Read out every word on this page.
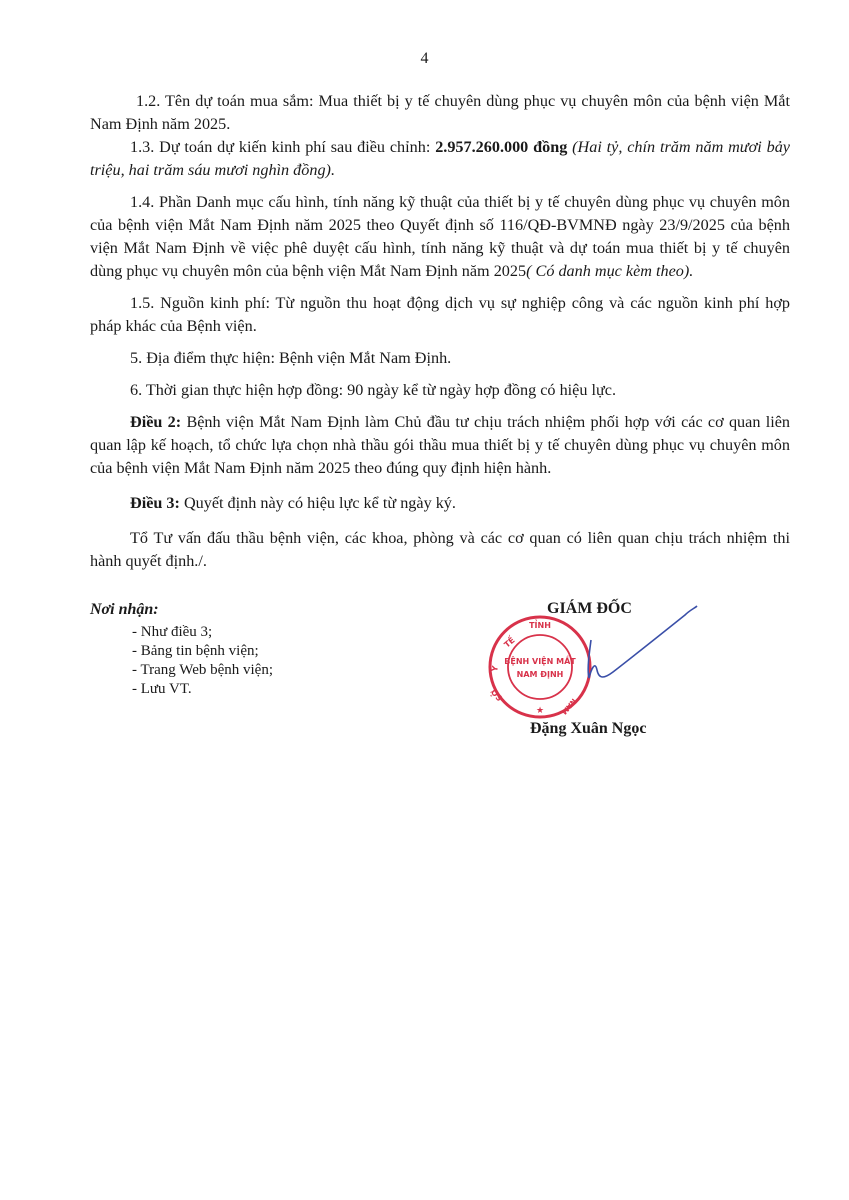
4

1.2. Tên dự toán mua sắm: Mua thiết bị y tế chuyên dùng phục vụ chuyên môn của bệnh viện Mắt Nam Định năm 2025.

1.3. Dự toán dự kiến kinh phí sau điều chỉnh: 2.957.260.000 đồng (Hai tỷ, chín trăm năm mươi bảy triệu, hai trăm sáu mươi nghìn đồng).

1.4. Phần Danh mục cấu hình, tính năng kỹ thuật của thiết bị y tế chuyên dùng phục vụ chuyên môn của bệnh viện Mắt Nam Định năm 2025 theo Quyết định số 116/QĐ-BVMNĐ ngày 23/9/2025 của bệnh viện Mắt Nam Định về việc phê duyệt cấu hình, tính năng kỹ thuật và dự toán mua thiết bị y tế chuyên dùng phục vụ chuyên môn của bệnh viện Mắt Nam Định năm 2025( Có danh mục kèm theo).

1.5. Nguồn kinh phí: Từ nguồn thu hoạt động dịch vụ sự nghiệp công và các nguồn kinh phí hợp pháp khác của Bệnh viện.

5. Địa điểm thực hiện: Bệnh viện Mắt Nam Định.

6. Thời gian thực hiện hợp đồng: 90 ngày kể từ ngày hợp đồng có hiệu lực.

Điều 2: Bệnh viện Mắt Nam Định làm Chủ đầu tư chịu trách nhiệm phối hợp với các cơ quan liên quan lập kế hoạch, tổ chức lựa chọn nhà thầu gói thầu mua thiết bị y tế chuyên dùng phục vụ chuyên môn của bệnh viện Mắt Nam Định năm 2025 theo đúng quy định hiện hành.

Điều 3: Quyết định này có hiệu lực kể từ ngày ký.

Tổ Tư vấn đấu thầu bệnh viện, các khoa, phòng và các cơ quan có liên quan chịu trách nhiệm thi hành quyết định./.

Nơi nhận:
- Như điều 3;
- Bảng tin bệnh viện;
- Trang Web bệnh viện;
- Lưu VT.
GIÁM ĐỐC
TỈNH
TẾ
Y
SỞ
NAM
BỆNH VIỆN MẮT
NAM ĐỊNH
★
Đặng Xuân Ngọc
